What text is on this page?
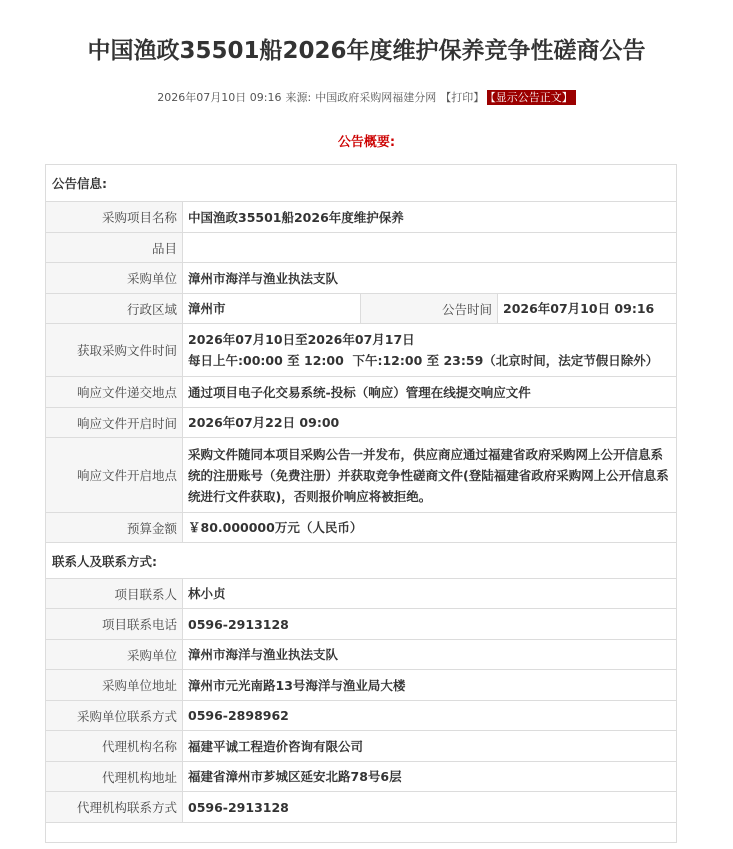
中国渔政35501船2026年度维护保养竞争性磋商公告
2026年07月10日 09:16 来源: 中国政府采购网福建分网 【打印】 【显示公告正文】
公告概要:
公告信息:			
采购项目名称	中国渔政35501船2026年度维护保养		
品目			
采购单位	漳州市海洋与渔业执法支队		
行政区域	漳州市	公告时间	2026年07月10日 09:16
获取采购文件时间	2026年07月10日至2026年07月17日
每日上午:00:00 至 12:00  下午:12:00 至 23:59（北京时间，法定节假日除外）		

响应文件递交地点	通过项目电子化交易系统-投标（响应）管理在线提交响应文件		
响应文件开启时间	2026年07月22日 09:00		
响应文件开启地点	采购文件随同本项目采购公告一并发布，供应商应通过福建省政府采购网上公开信息系统的注册账号（免费注册）并获取竞争性磋商文件(登陆福建省政府采购网上公开信息系统进行文件获取)，否则报价响应将被拒绝。		
预算金额	￥80.000000万元（人民币）		
联系人及联系方式:			
项目联系人	林小贞		
项目联系电话	0596-2913128		
采购单位	漳州市海洋与渔业执法支队		
采购单位地址	漳州市元光南路13号海洋与渔业局大楼		
采购单位联系方式	0596-2898962		
代理机构名称	福建平诚工程造价咨询有限公司		
代理机构地址	福建省漳州市芗城区延安北路78号6层		
代理机构联系方式	0596-2913128		
